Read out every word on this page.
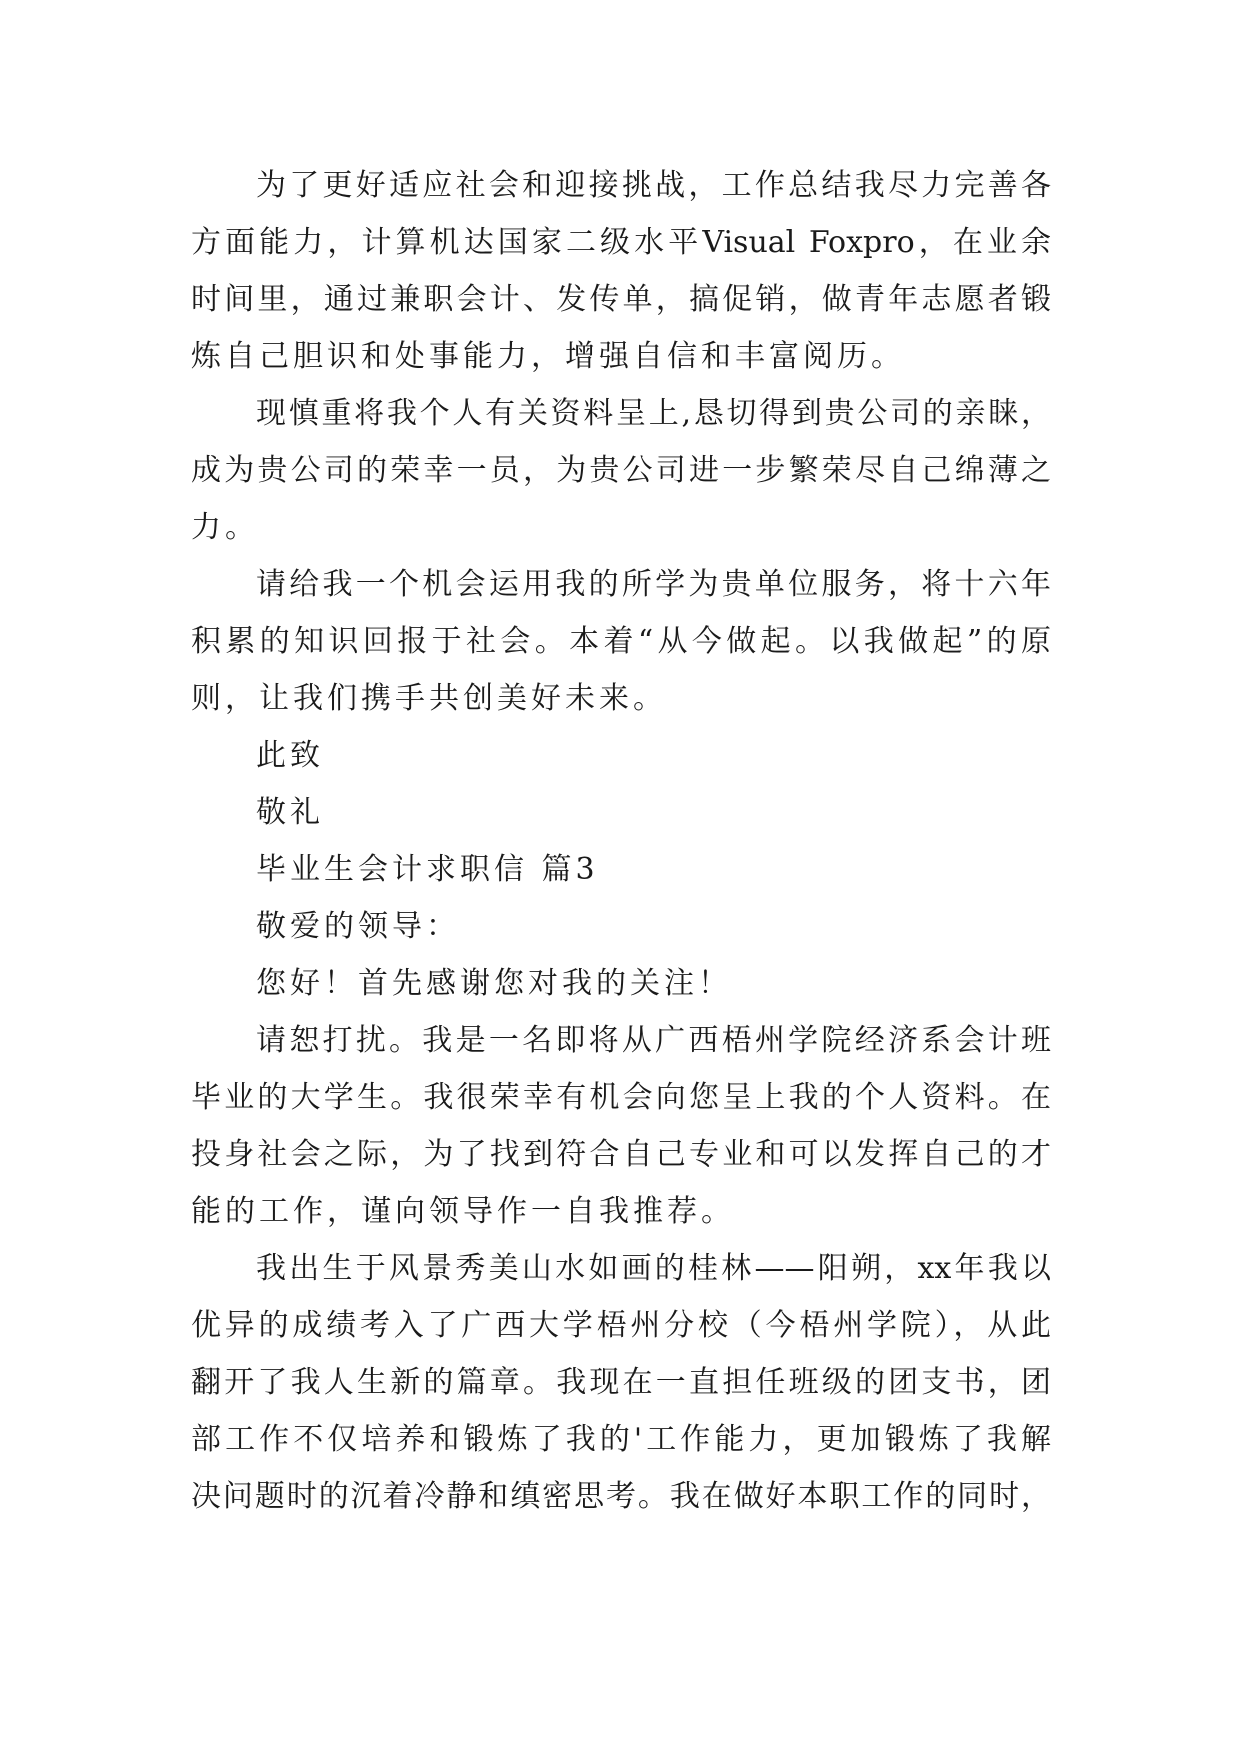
为了更好适应社会和迎接挑战，工作总结我尽力完善各
方面能力，计算机达国家二级水平Visual Foxpro，在业余
时间里，通过兼职会计、发传单，搞促销，做青年志愿者锻
炼自己胆识和处事能力，增强自信和丰富阅历。
现慎重将我个人有关资料呈上,恳切得到贵公司的亲睐，
成为贵公司的荣幸一员，为贵公司进一步繁荣尽自己绵薄之
力。
请给我一个机会运用我的所学为贵单位服务，将十六年
积累的知识回报于社会。本着“从今做起。以我做起”的原
则，让我们携手共创美好未来。
此致
敬礼
毕业生会计求职信 篇3
敬爱的领导：
您好！首先感谢您对我的关注！
请恕打扰。我是一名即将从广西梧州学院经济系会计班
毕业的大学生。我很荣幸有机会向您呈上我的个人资料。在
投身社会之际，为了找到符合自己专业和可以发挥自己的才
能的工作，谨向领导作一自我推荐。
我出生于风景秀美山水如画的桂林——阳朔，xx年我以
优异的成绩考入了广西大学梧州分校（今梧州学院），从此
翻开了我人生新的篇章。我现在一直担任班级的团支书，团
部工作不仅培养和锻炼了我的'工作能力，更加锻炼了我解
决问题时的沉着冷静和缜密思考。我在做好本职工作的同时，
